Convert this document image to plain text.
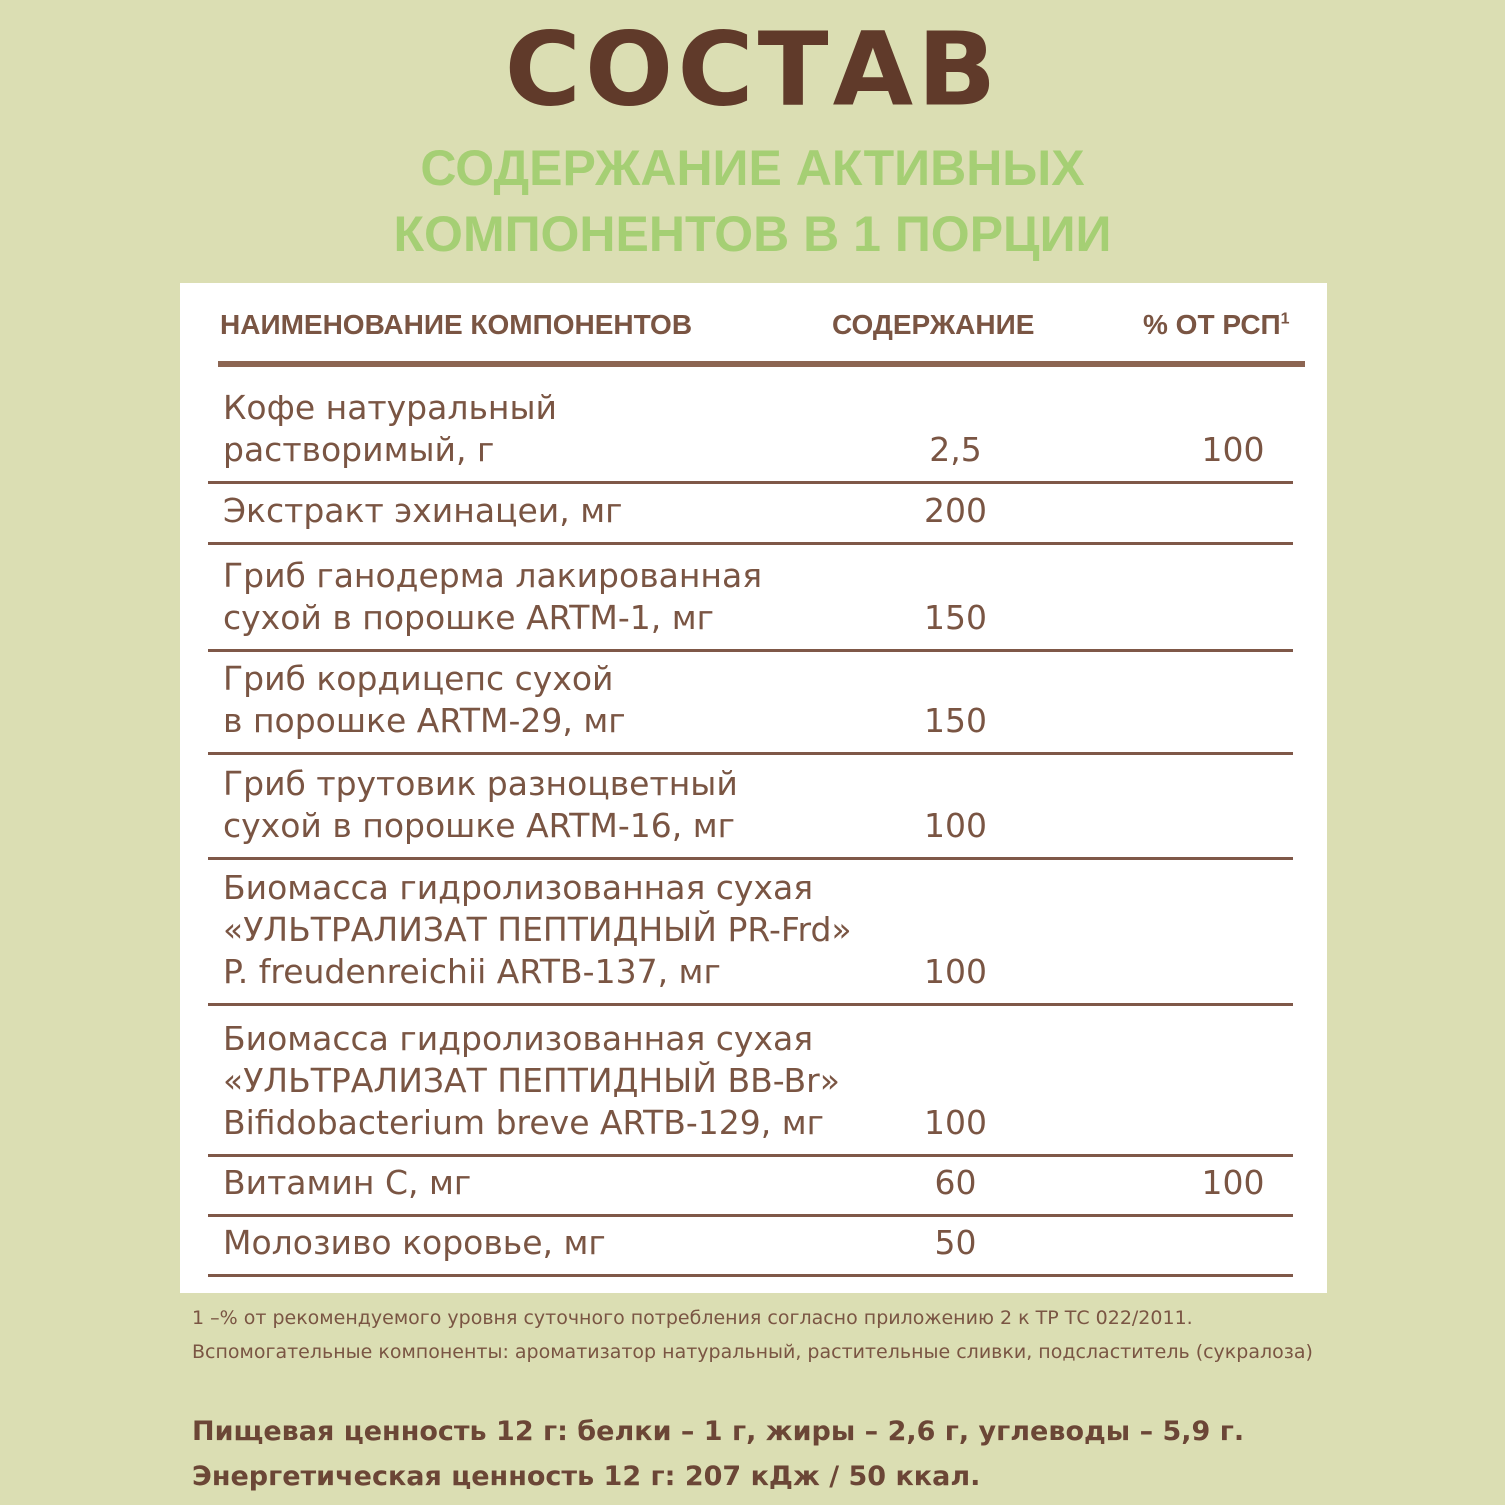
СОСТАВ
СОДЕРЖАНИЕ АКТИВНЫХ
КОМПОНЕНТОВ В 1 ПОРЦИИ
НАИМЕНОВАНИЕ КОМПОНЕНТОВ	СОДЕРЖАНИЕ	% ОТ РСП$^1$
Кофе натуральный
растворимый, г	2,5	100
Экстракт эхинацеи, мг	200
Гриб ганодерма лакированная
сухой в порошке ARTM-1, мг	150
Гриб кордицепс сухой
в порошке ARTM-29, мг	150
Гриб трутовик разноцветный
сухой в порошке ARTM-16, мг	100
Биомасса гидролизованная сухая
«УЛЬТРАЛИЗАТ ПЕПТИДНЫЙ PR-Frd»
P. freudenreichii ARTB-137, мг	100
Биомасса гидролизованная сухая
«УЛЬТРАЛИЗАТ ПЕПТИДНЫЙ BB-Br»
Bifidobacterium breve ARTB-129, мг	100
Витамин С, мг	60	100
Молозиво коровье, мг	50
1 –% от рекомендуемого уровня суточного потребления согласно приложению 2 к ТР ТС 022/2011.
Вспомогательные компоненты: ароматизатор натуральный, растительные сливки, подсластитель (сукралоза)
Пищевая ценность 12 г: белки – 1 г, жиры – 2,6 г, углеводы – 5,9 г.
Энергетическая ценность 12 г: 207 кДж / 50 ккал.
